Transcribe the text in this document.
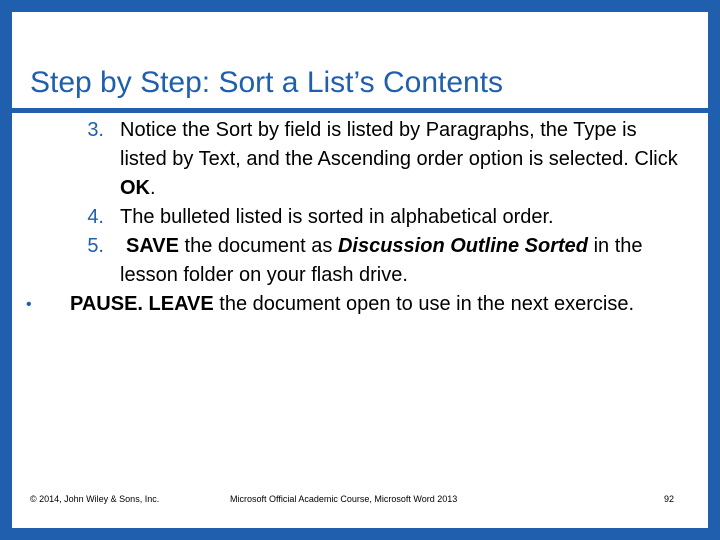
Step by Step: Sort a List’s Contents
3. Notice the Sort by field is listed by Paragraphs, the Type is listed by Text, and the Ascending order option is selected. Click OK.
4. The bulleted listed is sorted in alphabetical order.
5.	SAVE the document as Discussion Outline Sorted in the lesson folder on your flash drive.
• PAUSE. LEAVE the document open to use in the next exercise.
© 2014, John Wiley & Sons, Inc.	Microsoft Official Academic Course, Microsoft Word 2013	92
